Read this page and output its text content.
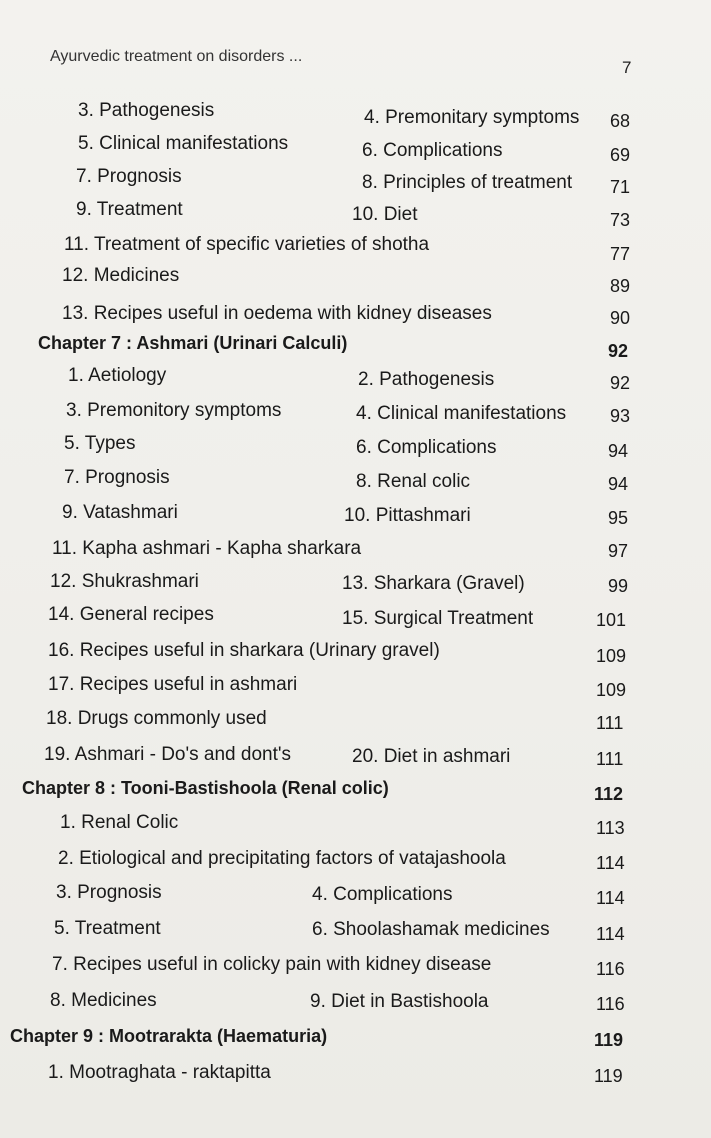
Ayurvedic treatment on disorders ...
7
3. Pathogenesis	4. Premonitary symptoms 68
5. Clinical manifestations	6. Complications	69
7. Prognosis	8. Principles of treatment 71
9. Treatment	10. Diet	73
11. Treatment of specific varieties of shotha	77
12. Medicines	89
13. Recipes useful in oedema with kidney diseases	90
Chapter 7 : Ashmari (Urinari Calculi)	92
1. Aetiology	2. Pathogenesis	92
3. Premonitory symptoms	4. Clinical manifestations 93
5. Types	6. Complications	94
7. Prognosis	8. Renal colic	94
9. Vatashmari	10. Pittashmari	95
11. Kapha ashmari - Kapha sharkara	97
12. Shukrashmari	13. Sharkara (Gravel)	99
14. General recipes	15. Surgical Treatment	101
16. Recipes useful in sharkara (Urinary gravel)	109
17. Recipes useful in ashmari	109
18. Drugs commonly used	111
19. Ashmari - Do's and dont's	20. Diet in ashmari	111
Chapter 8 : Tooni-Bastishoola (Renal colic)	112
1. Renal Colic	113
2. Etiological and precipitating factors of vatajashoola	114
3. Prognosis	4. Complications	114
5. Treatment	6. Shoolashamak medicines	114
7. Recipes useful in colicky pain with kidney disease	116
8. Medicines	9. Diet in Bastishoola	116
Chapter 9 : Mootraraktа (Haematuria)	119
1. Mootraghata - raktapitta	119
